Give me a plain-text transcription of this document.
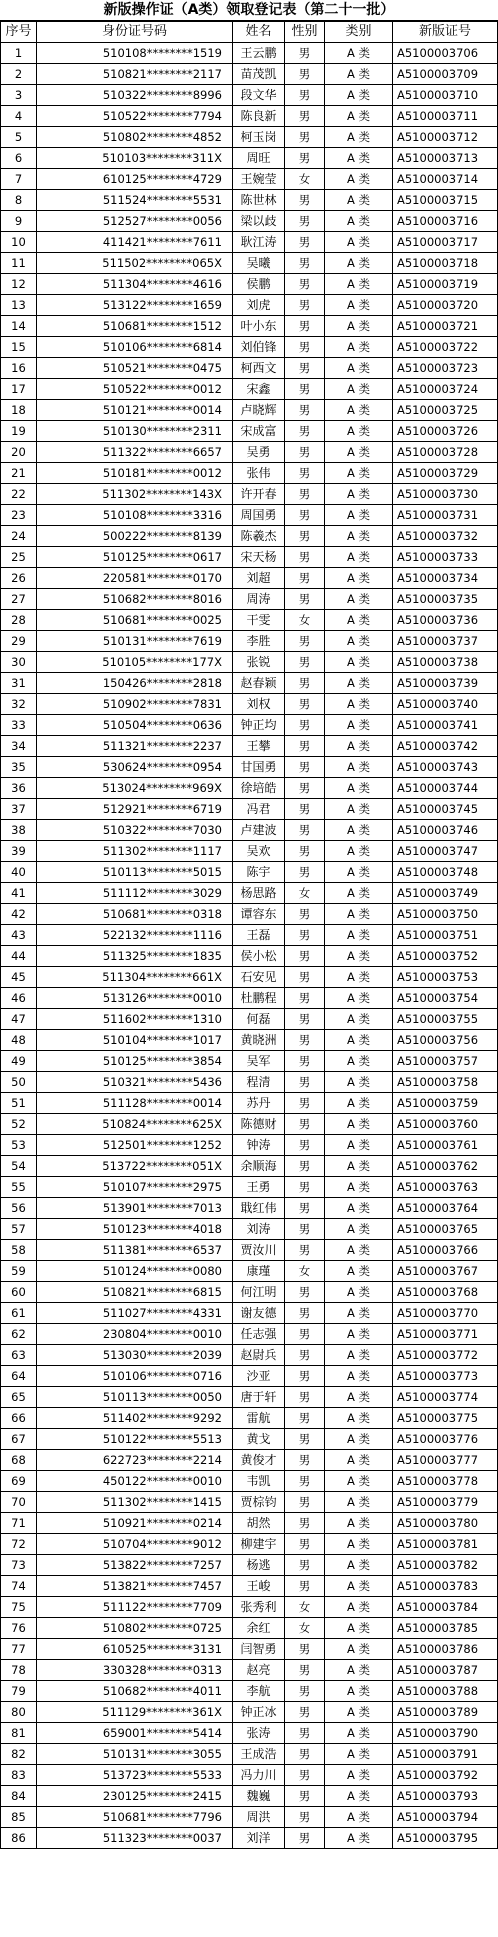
新版操作证（A类）领取登记表（第二十一批）
序号	身份证号码	姓名	性别	类别	新版证号
1	510108********1519	王云鹏	男	A 类	A5100003706
2	510821********2117	苗茂凯	男	A 类	A5100003709
3	510322********8996	段文华	男	A 类	A5100003710
4	510522********7794	陈良新	男	A 类	A5100003711
5	510802********4852	柯玉岗	男	A 类	A5100003712
6	510103********311X	周旺	男	A 类	A5100003713
7	610125********4729	王婉莹	女	A 类	A5100003714
8	511524********5531	陈世林	男	A 类	A5100003715
9	512527********0056	梁以歧	男	A 类	A5100003716
10	411421********7611	耿江涛	男	A 类	A5100003717
11	511502********065X	吴曦	男	A 类	A5100003718
12	511304********4616	侯鹏	男	A 类	A5100003719
13	513122********1659	刘虎	男	A 类	A5100003720
14	510681********1512	叶小东	男	A 类	A5100003721
15	510106********6814	刘伯锋	男	A 类	A5100003722
16	510521********0475	柯西文	男	A 类	A5100003723
17	510522********0012	宋鑫	男	A 类	A5100003724
18	510121********0014	卢晓辉	男	A 类	A5100003725
19	510130********2311	宋成富	男	A 类	A5100003726
20	511322********6657	吴勇	男	A 类	A5100003728
21	510181********0012	张伟	男	A 类	A5100003729
22	511302********143X	许开春	男	A 类	A5100003730
23	510108********3316	周国勇	男	A 类	A5100003731
24	500222********8139	陈羲杰	男	A 类	A5100003732
25	510125********0617	宋天杨	男	A 类	A5100003733
26	220581********0170	刘超	男	A 类	A5100003734
27	510682********8016	周涛	男	A 类	A5100003735
28	510681********0025	干雯	女	A 类	A5100003736
29	510131********7619	李胜	男	A 类	A5100003737
30	510105********177X	张锐	男	A 类	A5100003738
31	150426********2818	赵春颖	男	A 类	A5100003739
32	510902********7831	刘权	男	A 类	A5100003740
33	510504********0636	钟正均	男	A 类	A5100003741
34	511321********2237	王攀	男	A 类	A5100003742
35	530624********0954	甘国勇	男	A 类	A5100003743
36	513024********969X	徐培皓	男	A 类	A5100003744
37	512921********6719	冯君	男	A 类	A5100003745
38	510322********7030	卢建波	男	A 类	A5100003746
39	511302********1117	吴欢	男	A 类	A5100003747
40	510113********5015	陈宇	男	A 类	A5100003748
41	511112********3029	杨思路	女	A 类	A5100003749
42	510681********0318	谭容东	男	A 类	A5100003750
43	522132********1116	王磊	男	A 类	A5100003751
44	511325********1835	侯小松	男	A 类	A5100003752
45	511304********661X	石安见	男	A 类	A5100003753
46	513126********0010	杜鹏程	男	A 类	A5100003754
47	511602********1310	何磊	男	A 类	A5100003755
48	510104********1017	黄晓洲	男	A 类	A5100003756
49	510125********3854	吴军	男	A 类	A5100003757
50	510321********5436	程清	男	A 类	A5100003758
51	511128********0014	苏丹	男	A 类	A5100003759
52	510824********625X	陈德财	男	A 类	A5100003760
53	512501********1252	钟涛	男	A 类	A5100003761
54	513722********051X	余顺海	男	A 类	A5100003762
55	510107********2975	王勇	男	A 类	A5100003763
56	513901********7013	戢红伟	男	A 类	A5100003764
57	510123********4018	刘涛	男	A 类	A5100003765
58	511381********6537	贾汝川	男	A 类	A5100003766
59	510124********0080	康瑾	女	A 类	A5100003767
60	510821********6815	何江明	男	A 类	A5100003768
61	511027********4331	谢友德	男	A 类	A5100003770
62	230804********0010	任志强	男	A 类	A5100003771
63	513030********2039	赵尉兵	男	A 类	A5100003772
64	510106********0716	沙亚	男	A 类	A5100003773
65	510113********0050	唐于轩	男	A 类	A5100003774
66	511402********9292	雷航	男	A 类	A5100003775
67	510122********5513	黄戈	男	A 类	A5100003776
68	622723********2214	黄俊才	男	A 类	A5100003777
69	450122********0010	韦凯	男	A 类	A5100003778
70	511302********1415	贾棕钧	男	A 类	A5100003779
71	510921********0214	胡然	男	A 类	A5100003780
72	510704********9012	柳建宇	男	A 类	A5100003781
73	513822********7257	杨逃	男	A 类	A5100003782
74	513821********7457	王峻	男	A 类	A5100003783
75	511122********7709	张秀利	女	A 类	A5100003784
76	510802********0725	余红	女	A 类	A5100003785
77	610525********3131	闫智勇	男	A 类	A5100003786
78	330328********0313	赵亮	男	A 类	A5100003787
79	510682********4011	李航	男	A 类	A5100003788
80	511129********361X	钟正冰	男	A 类	A5100003789
81	659001********5414	张涛	男	A 类	A5100003790
82	510131********3055	王成浩	男	A 类	A5100003791
83	513723********5533	冯力川	男	A 类	A5100003792
84	230125********2415	魏巍	男	A 类	A5100003793
85	510681********7796	周洪	男	A 类	A5100003794
86	511323********0037	刘洋	男	A 类	A5100003795
